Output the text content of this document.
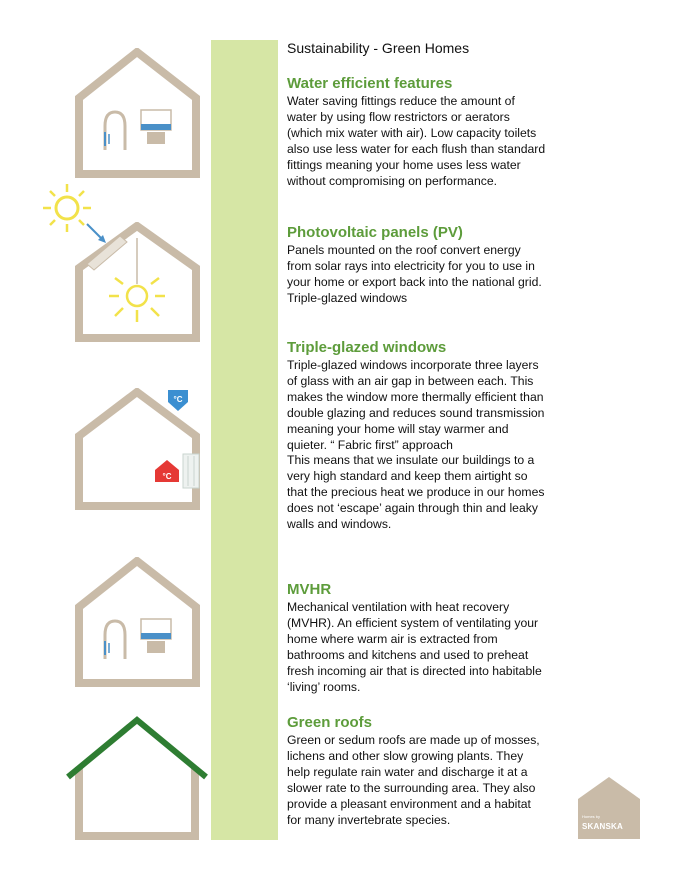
°C
°C
Sustainability - Green Homes
Water efficient features

Water saving fittings reduce the amount of water by using flow restrictors or aerators (which mix water with air). Low capacity toilets also use less water for each flush than standard fittings meaning your home uses less water without compromising on performance.

Photovoltaic panels (PV)

Panels mounted on the roof convert energy from solar rays into electricity for you to use in your home or export back into the national grid. Triple-glazed windows

Triple-glazed windows

Triple-glazed windows incorporate three layers of glass with an air gap in between each. This makes the window more thermally efficient than double glazing and reduces sound transmission meaning your home will stay warmer and quieter. “ Fabric first” approach
This means that we insulate our buildings to a very high standard and keep them airtight so that the precious heat we produce in our homes does not ‘escape’ again through thin and leaky walls and windows.

MVHR

Mechanical ventilation with heat recovery (MVHR). An efficient system of ventilating your home where warm air is extracted from bathrooms and kitchens and used to preheat fresh incoming air that is directed into habitable ‘living’ rooms.

Green roofs

Green or sedum roofs are made up of mosses, lichens and other slow growing plants. They help regulate rain water and discharge it at a slower rate to the surrounding area. They also provide a pleasant environment and a habitat for many invertebrate species.	Homes by
SKANSKA
